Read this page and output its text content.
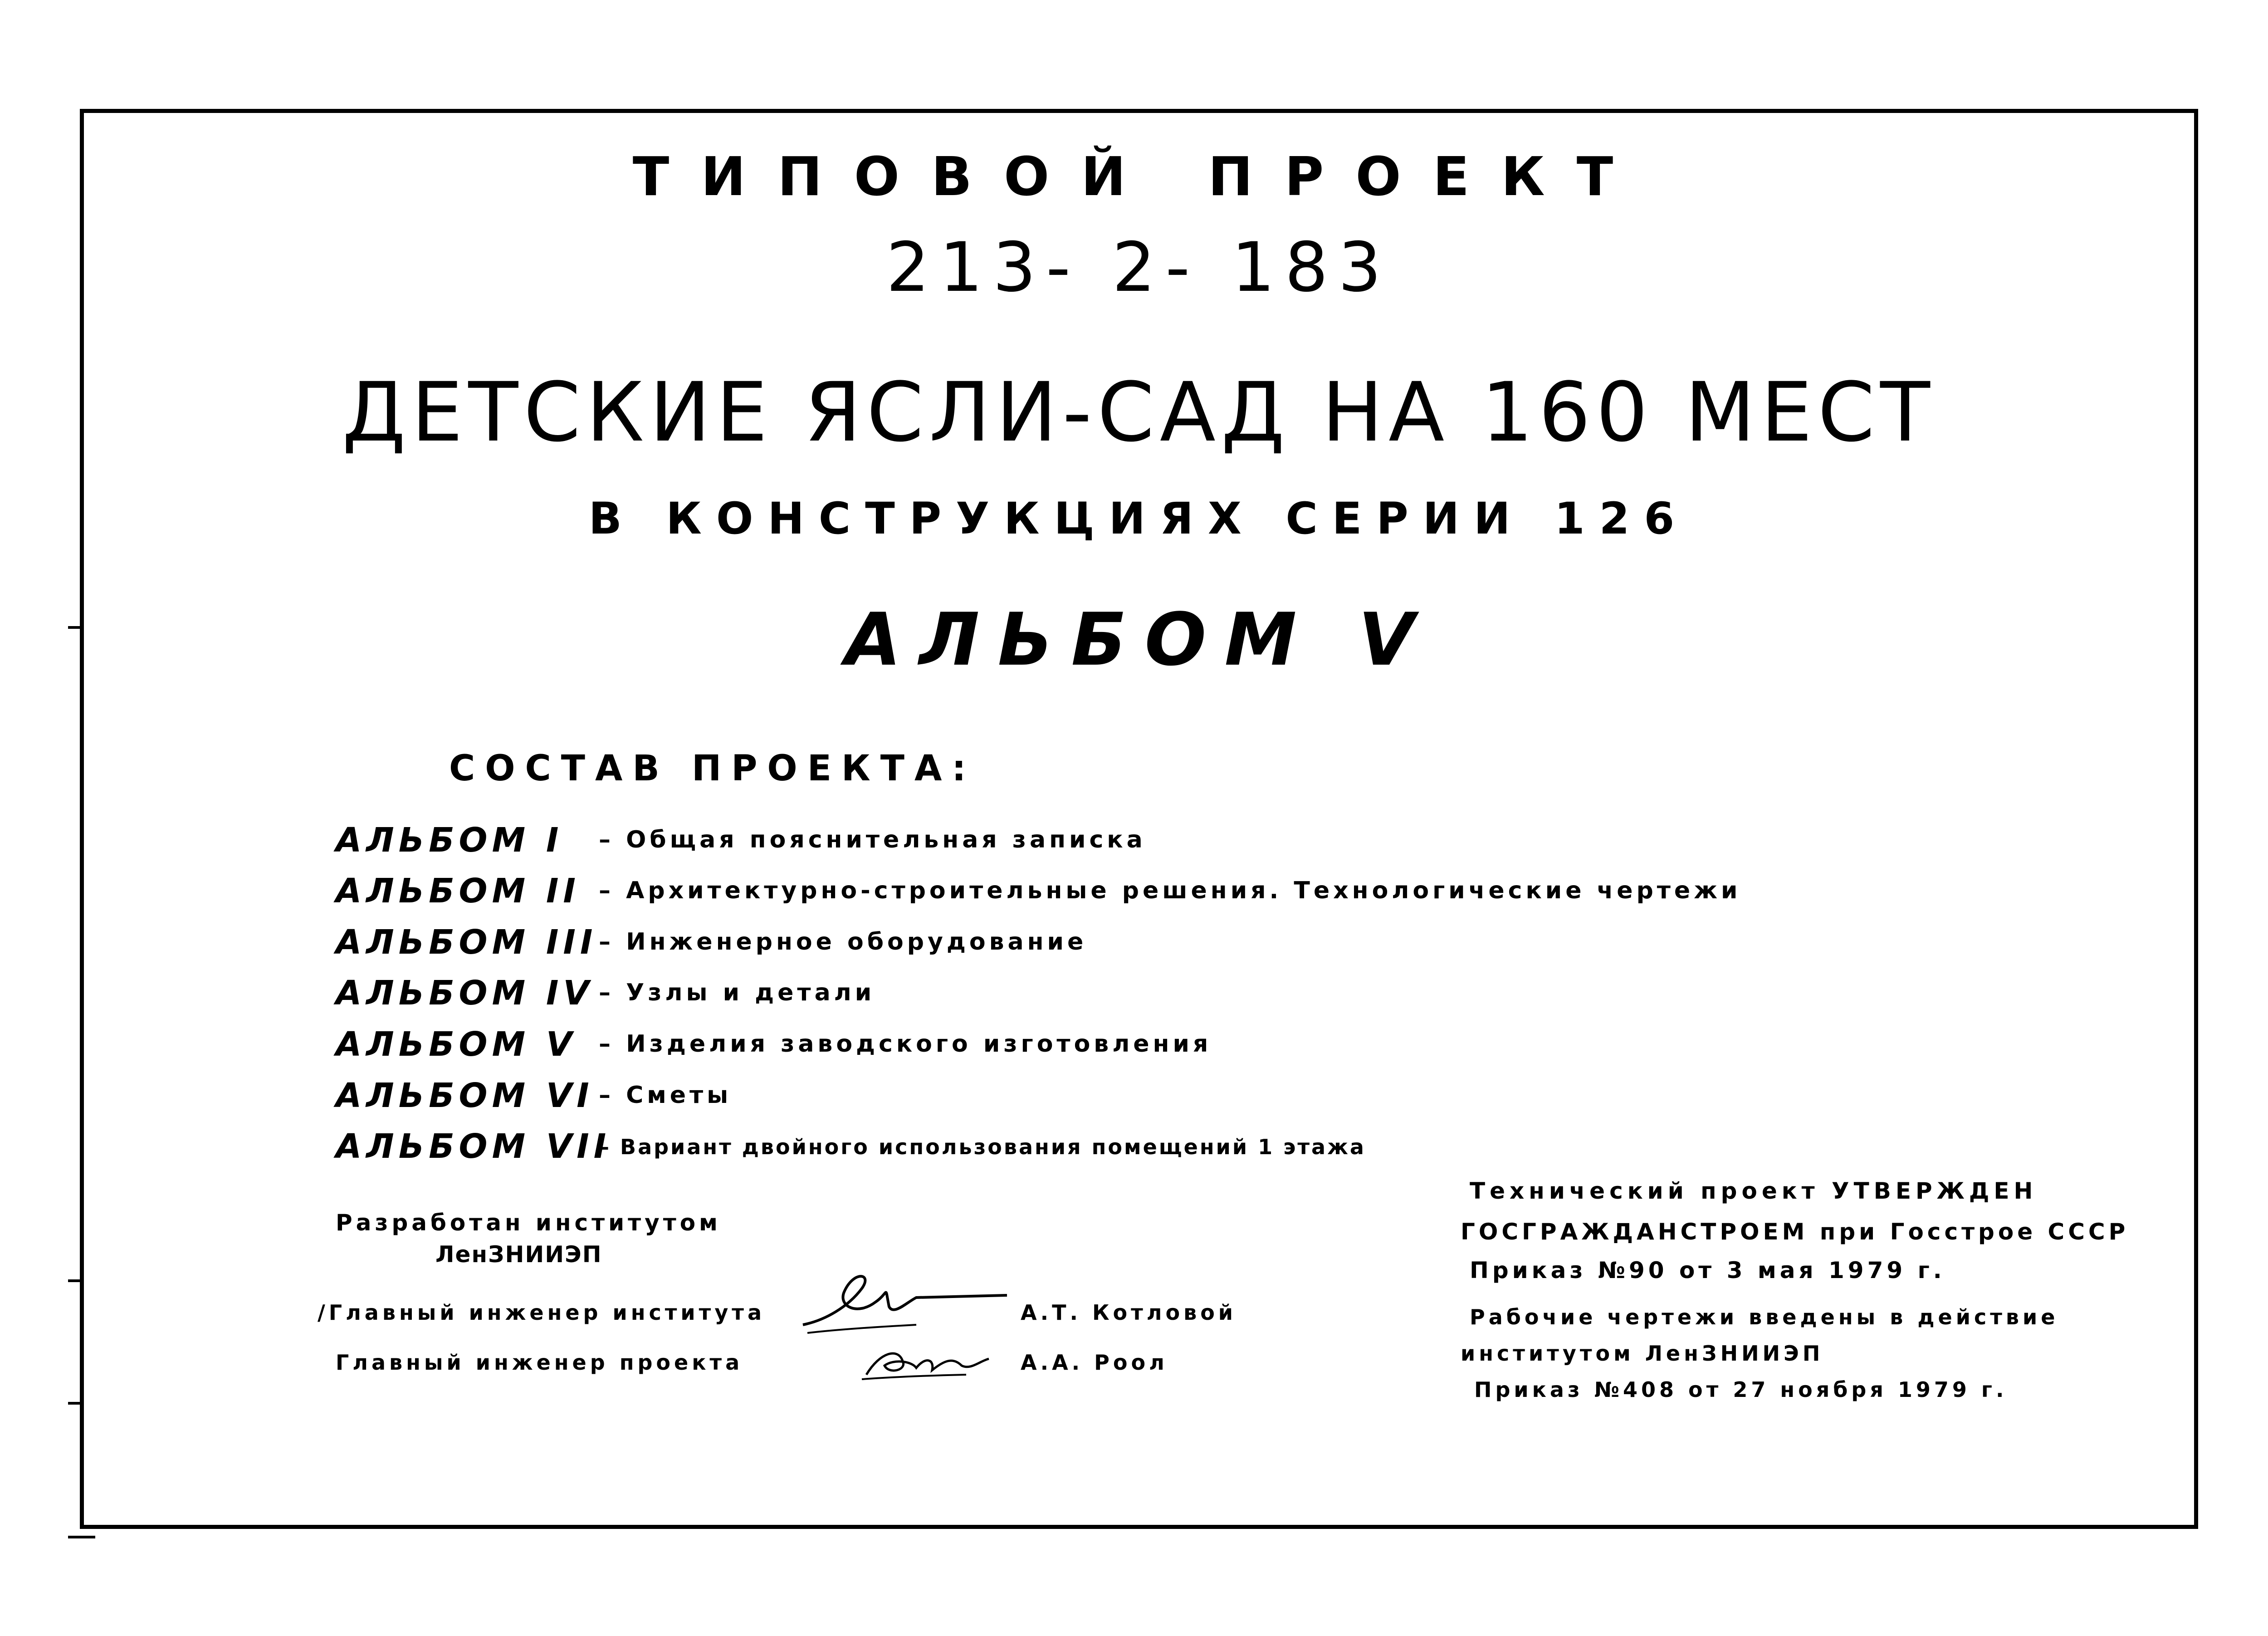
ТИПОВОЙ ПРОЕКТ
213- 2- 183
ДЕТСКИЕ ЯСЛИ-САД НА 160 МЕСТ
В КОНСТРУКЦИЯХ СЕРИИ 126
АЛЬБОМ V
СОСТАВ ПРОЕКТА:
АЛЬБОМ I – Общая пояснительная записка
АЛЬБОМ II – Архитектурно-строительные решения. Технологические чертежи
АЛЬБОМ III – Инженерное оборудование
АЛЬБОМ IV – Узлы и детали
АЛЬБОМ V – Изделия заводского изготовления
АЛЬБОМ VI – Сметы
АЛЬБОМ VII
– Вариант двойного использования помещений 1 этажа
Разработан институтом
ЛенЗНИИЭП
/Главный инженер института	А.Т. Котловой
Главный инженер проекта	А.А. Роол
Технический проект УТВЕРЖДЕН
ГОСГРАЖДАНСТРОЕМ при Госстрое СССР
Приказ №90 от 3 мая 1979 г.
Рабочие чертежи введены в действие
институтом ЛенЗНИИЭП
Приказ №408 от 27 ноября 1979 г.
